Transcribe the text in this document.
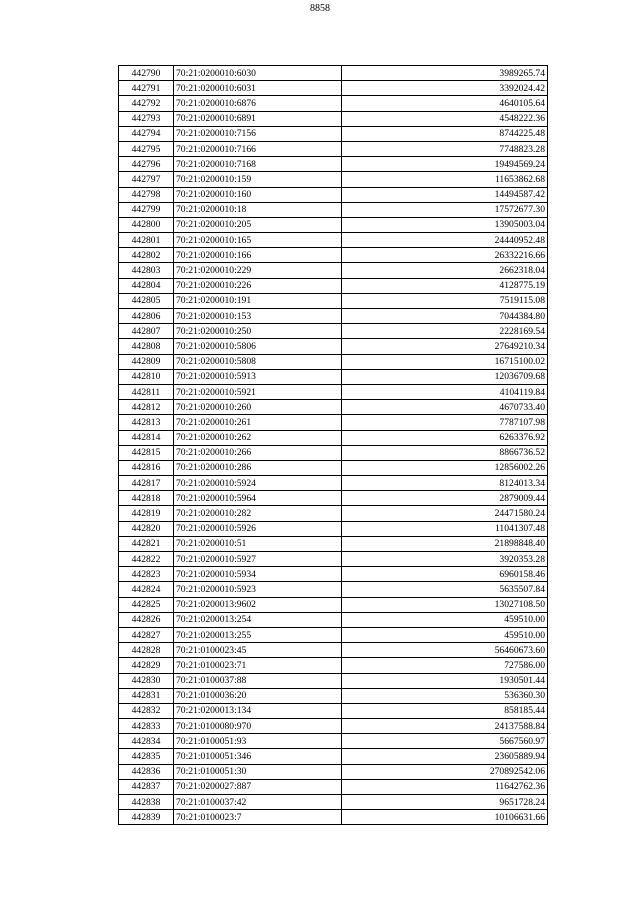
8858
442790	70:21:0200010:6030	3989265.74
442791	70:21:0200010:6031	3392024.42
442792	70:21:0200010:6876	4640105.64
442793	70:21:0200010:6891	4548222.36
442794	70:21:0200010:7156	8744225.48
442795	70:21:0200010:7166	7748823.28
442796	70:21:0200010:7168	19494569.24
442797	70:21:0200010:159	11653862.68
442798	70:21:0200010:160	14494587.42
442799	70:21:0200010:18	17572677.30
442800	70:21:0200010:205	13905003.04
442801	70:21:0200010:165	24440952.48
442802	70:21:0200010:166	26332216.66
442803	70:21:0200010:229	2662318.04
442804	70:21:0200010:226	4128775.19
442805	70:21:0200010:191	7519115.08
442806	70:21:0200010:153	7044384.80
442807	70:21:0200010:250	2228169.54
442808	70:21:0200010:5806	27649210.34
442809	70:21:0200010:5808	16715100.02
442810	70:21:0200010:5913	12036709.68
442811	70:21:0200010:5921	4104119.84
442812	70:21:0200010:260	4670733.40
442813	70:21:0200010:261	7787107.98
442814	70:21:0200010:262	6263376.92
442815	70:21:0200010:266	8866736.52
442816	70:21:0200010:286	12856002.26
442817	70:21:0200010:5924	8124013.34
442818	70:21:0200010:5964	2879009.44
442819	70:21:0200010:282	24471580.24
442820	70:21:0200010:5926	11041307.48
442821	70:21:0200010:51	21898848.40
442822	70:21:0200010:5927	3920353.28
442823	70:21:0200010:5934	6960158.46
442824	70:21:0200010:5923	5635507.84
442825	70:21:0200013:9602	13027108.50
442826	70:21:0200013:254	459510.00
442827	70:21:0200013:255	459510.00
442828	70:21:0100023:45	56460673.60
442829	70:21:0100023:71	727586.00
442830	70:21:0100037:88	1930501.44
442831	70:21:0100036:20	536360.30
442832	70:21:0200013:134	858185.44
442833	70:21:0100080:970	24137588.84
442834	70:21:0100051:93	5667560.97
442835	70:21:0100051:346	23605889.94
442836	70:21:0100051:30	270892542.06
442837	70:21:0200027:887	11642762.36
442838	70:21:0100037:42	9651728.24
442839	70:21:0100023:7	10106631.66
